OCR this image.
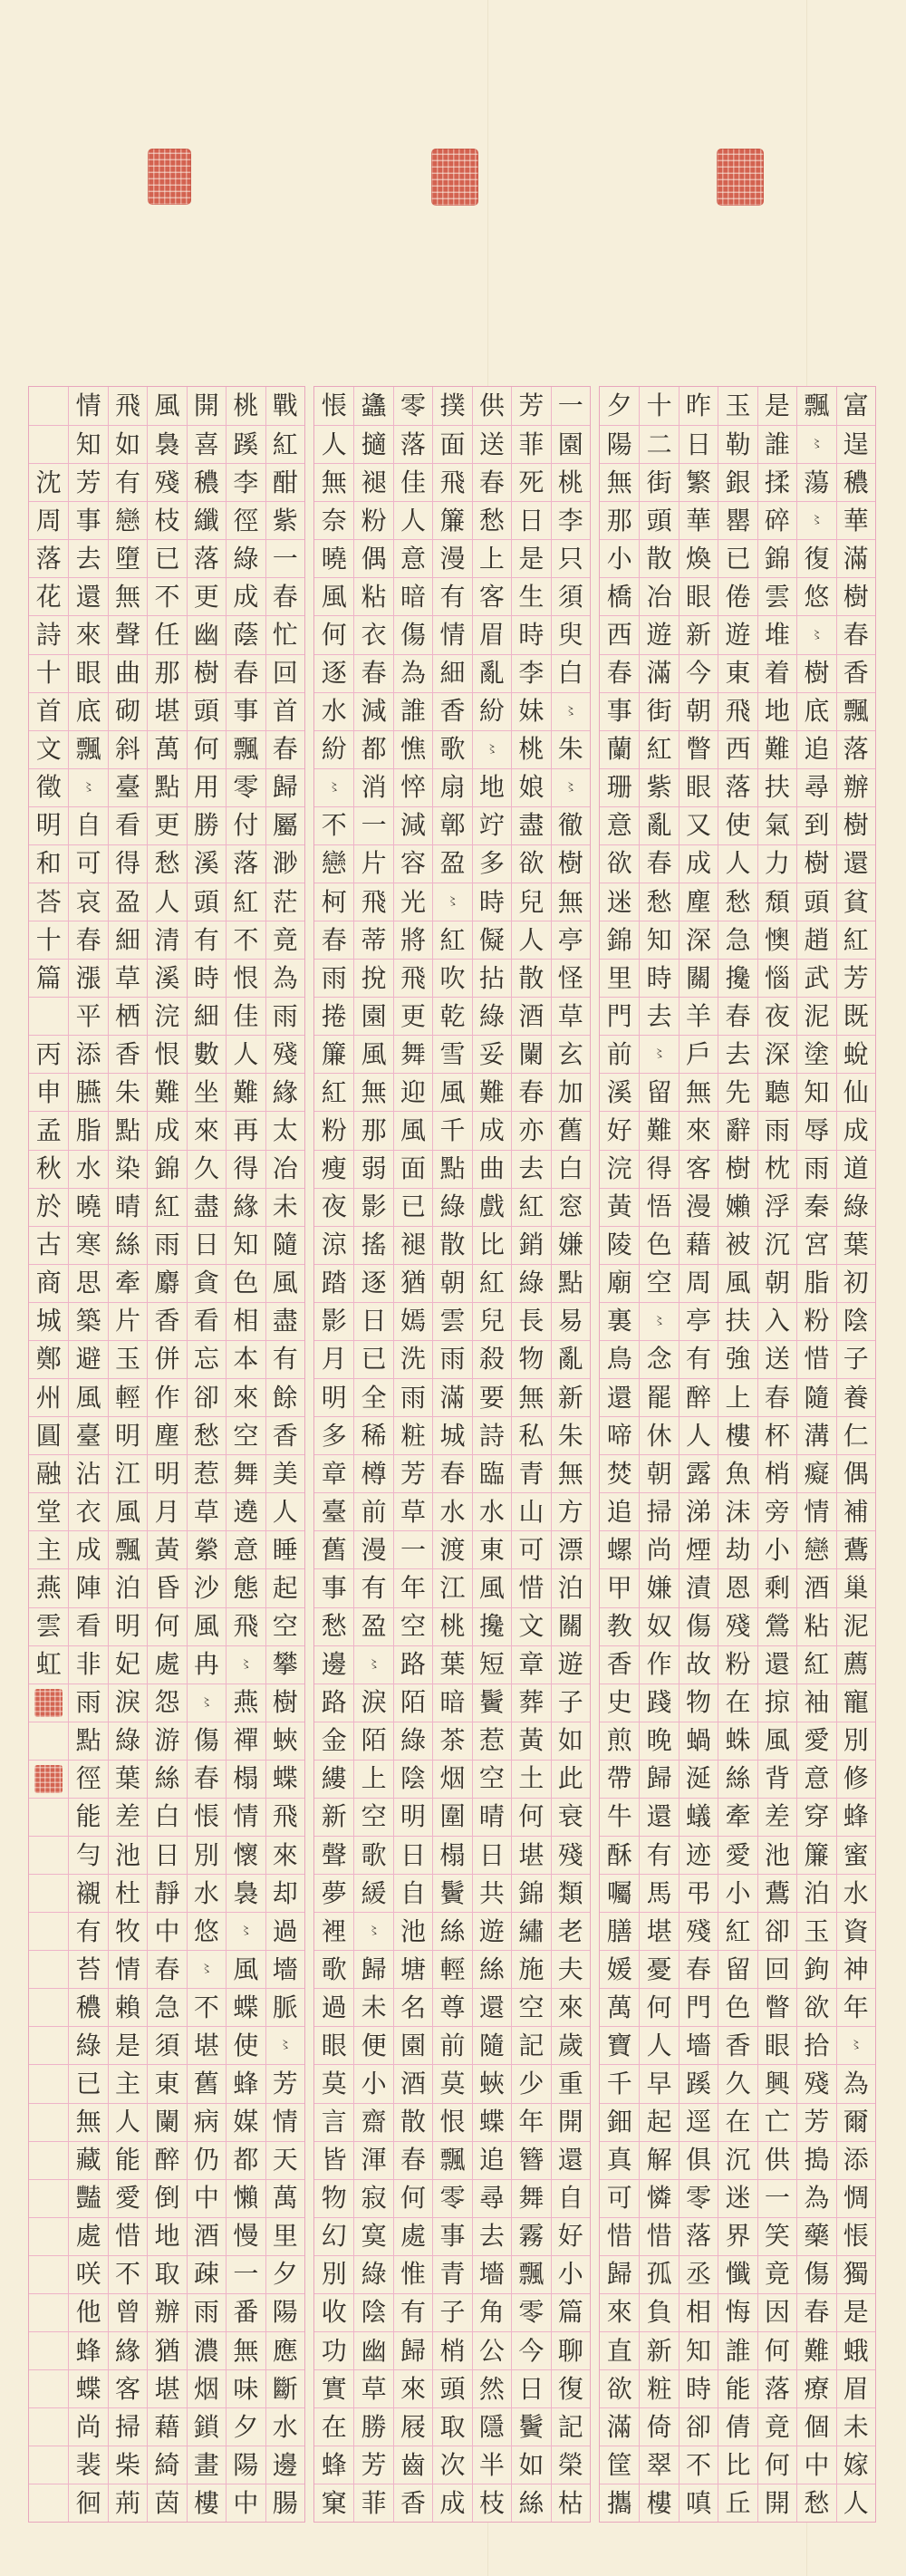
沈
周
落
花
詩
十
首
文
徵
明
和
荅
十
篇
丙
申
孟
秋
於
古
商
城
鄭
州
圓
融
堂
主
燕
雲
虹
情
知
芳
事
去
還
來
眼
底
飄
〻
自
可
哀
春
漲
平
添
臙
脂
水
曉
寒
思
築
避
風
臺
沾
衣
成
陣
看
非
雨
點
徑
能
勻
襯
有
苔
穠
綠
已
無
藏
豔
處
咲
他
蜂
蝶
尚
裴
徊
飛
如
有
戀
墮
無
聲
曲
砌
斜
臺
看
得
盈
細
草
栖
香
朱
點
染
晴
絲
牽
片
玉
輕
明
江
風
飄
泊
明
妃
淚
綠
葉
差
池
杜
牧
情
賴
是
主
人
能
愛
惜
不
曾
緣
客
掃
柴
荊
風
裊
殘
枝
已
不
任
那
堪
萬
點
更
愁
人
清
溪
浣
恨
難
成
錦
紅
雨
麝
香
併
作
塵
明
月
黃
昏
何
處
怨
游
絲
白
日
靜
中
春
急
須
東
闌
醉
倒
地
取
辦
猶
堪
藉
綺
茵
開
喜
穠
纖
落
更
幽
樹
頭
何
用
勝
溪
頭
有
時
細
數
坐
來
久
盡
日
貪
看
忘
卻
愁
惹
草
縈
沙
風
冉
〻
傷
春
悵
別
水
悠
〻
不
堪
舊
病
仍
中
酒
疎
雨
濃
烟
鎖
畫
樓
桃
蹊
李
徑
綠
成
蔭
春
事
飄
零
付
落
紅
不
恨
佳
人
難
再
得
緣
知
色
相
本
來
空
舞
遶
意
態
飛
〻
燕
禪
榻
情
懷
裊
〻
風
蝶
使
蜂
媒
都
懶
慢
一
番
無
味
夕
陽
中
戰
紅
酣
紫
一
春
忙
回
首
春
歸
屬
渺
茫
竟
為
雨
殘
緣
太
冶
未
隨
風
盡
有
餘
香
美
人
睡
起
空
攀
樹
蛺
蝶
飛
來
却
過
墻
脈
〻
芳
情
天
萬
里
夕
陽
應
斷
水
邊
腸
悵
人
無
奈
曉
風
何
逐
水
紛
〻
不
戀
柯
春
雨
捲
簾
紅
粉
瘦
夜
涼
踏
影
月
明
多
章
臺
舊
事
愁
邊
路
金
縷
新
聲
夢
裡
歌
過
眼
莫
言
皆
物
幻
別
收
功
實
在
蜂
窠
蠭
擿
褪
粉
偶
粘
衣
春
減
都
消
一
片
飛
蒂
挩
園
風
無
那
弱
影
搖
逐
日
已
全
稀
樽
前
漫
有
盈
〻
淚
陌
上
空
歌
緩
〻
歸
未
便
小
齋
渾
寂
寞
綠
陰
幽
草
勝
芳
菲
零
落
佳
人
意
暗
傷
為
誰
憔
悴
減
容
光
將
飛
更
舞
迎
風
面
已
褪
猶
嫣
洗
雨
粧
芳
草
一
年
空
路
陌
綠
陰
明
日
自
池
塘
名
園
酒
散
春
何
處
惟
有
歸
來
屐
齒
香
撲
面
飛
簾
漫
有
情
細
香
歌
扇
鄣
盈
〻
紅
吹
乾
雪
風
千
點
綠
散
朝
雲
雨
滿
城
春
水
渡
江
桃
葉
暗
茶
烟
圍
榻
鬢
絲
輕
尊
前
莫
恨
飄
零
事
青
子
梢
頭
取
次
成
供
送
春
愁
上
客
眉
亂
紛
〻
地
竚
多
時
儗
拈
綠
妥
難
成
曲
戲
比
紅
兒
殺
要
詩
臨
水
東
風
攙
短
鬢
惹
空
晴
日
共
遊
絲
還
隨
蛺
蝶
追
尋
去
墻
角
公
然
隱
半
枝
芳
菲
死
日
是
生
時
李
妹
桃
娘
盡
欲
兒
人
散
酒
闌
春
亦
去
紅
銷
綠
長
物
無
私
青
山
可
惜
文
章
葬
黃
土
何
堪
錦
繡
施
空
記
少
年
簪
舞
霧
飄
零
今
日
鬢
如
絲
一
園
桃
李
只
須
臾
白
〻
朱
〻
徹
樹
無
亭
怪
草
玄
加
舊
白
窓
嫌
點
易
亂
新
朱
無
方
漂
泊
關
遊
子
如
此
衰
殘
類
老
夫
來
歲
重
開
還
自
好
小
篇
聊
復
記
榮
枯
夕
陽
無
那
小
橋
西
春
事
蘭
珊
意
欲
迷
錦
里
門
前
溪
好
浣
黃
陵
廟
裏
鳥
還
啼
焚
追
螺
甲
教
香
史
煎
帶
牛
酥
囑
膳
媛
萬
寶
千
鈿
真
可
惜
歸
來
直
欲
滿
筐
攜
十
二
街
頭
散
冶
遊
滿
街
紅
紫
亂
春
愁
知
時
去
〻
留
難
得
悟
色
空
〻
念
罷
休
朝
掃
尚
嫌
奴
作
踐
晚
歸
還
有
馬
堪
憂
何
人
早
起
解
憐
惜
孤
負
新
粧
倚
翠
樓
昨
日
繁
華
煥
眼
新
今
朝
瞥
眼
又
成
塵
深
關
羊
戶
無
來
客
漫
藉
周
亭
有
醉
人
露
涕
煙
漬
傷
故
物
蝸
涎
蟻
迹
弔
殘
春
門
墻
蹊
逕
俱
零
落
丞
相
知
時
卻
不
嗔
玉
勒
銀
罌
已
倦
遊
東
飛
西
落
使
人
愁
急
攙
春
去
先
辭
樹
嬾
被
風
扶
強
上
樓
魚
沫
劫
恩
殘
粉
在
蛛
絲
牽
愛
小
紅
留
色
香
久
在
沉
迷
界
懺
悔
誰
能
倩
比
丘
是
誰
揉
碎
錦
雲
堆
着
地
難
扶
氣
力
頹
懊
惱
夜
深
聽
雨
枕
浮
沉
朝
入
送
春
杯
梢
旁
小
剩
鶯
還
掠
風
背
差
池
鷰
卻
回
瞥
眼
興
亡
供
一
笑
竟
因
何
落
竟
何
開
飄
〻
蕩
〻
復
悠
〻
樹
底
追
尋
到
樹
頭
趙
武
泥
塗
知
辱
雨
秦
宮
脂
粉
惜
隨
溝
癡
情
戀
酒
粘
紅
袖
愛
意
穿
簾
泊
玉
鉤
欲
拾
殘
芳
搗
為
藥
傷
春
難
療
個
中
愁
富
逞
穠
華
滿
樹
春
香
飄
落
辦
樹
還
貧
紅
芳
既
蛻
仙
成
道
綠
葉
初
陰
子
養
仁
偶
補
鷰
巢
泥
薦
寵
別
修
蜂
蜜
水
資
神
年
〻
為
爾
添
惆
悵
獨
是
蛾
眉
未
嫁
人
